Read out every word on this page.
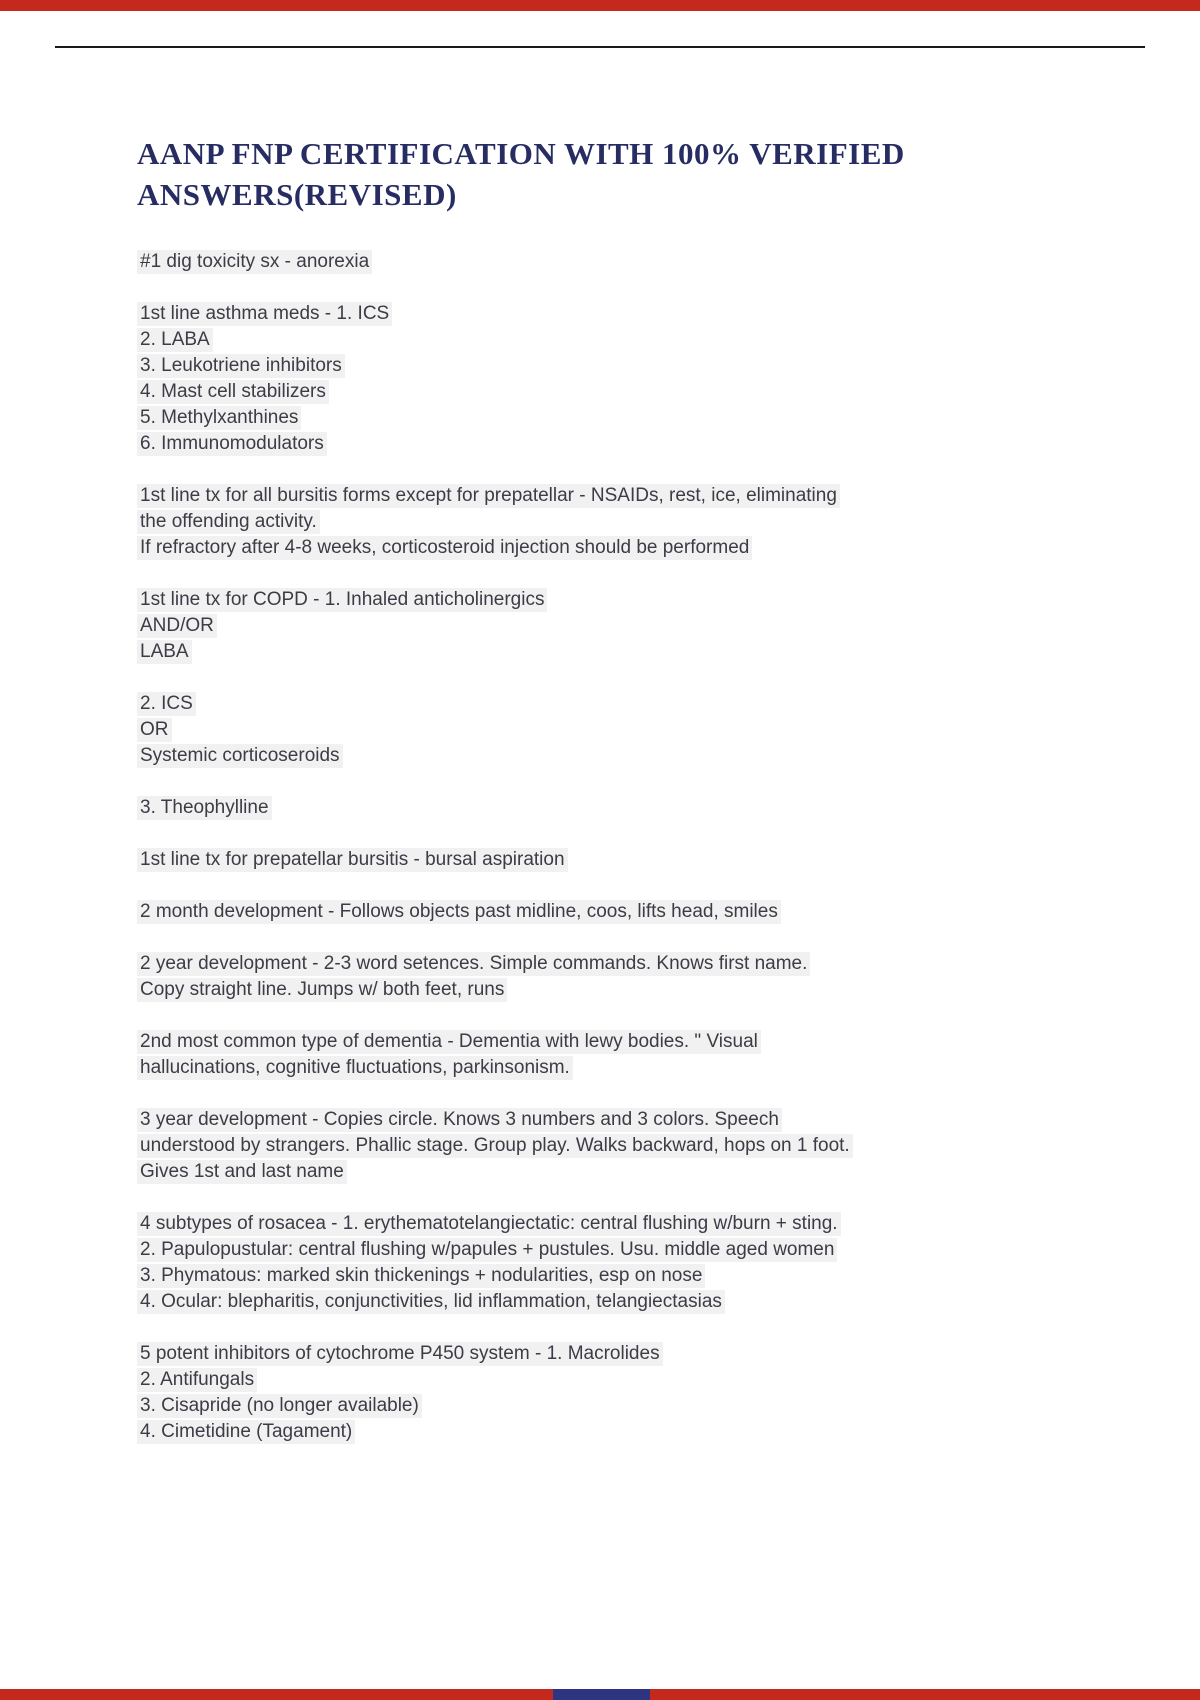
AANP FNP CERTIFICATION WITH 100% VERIFIED ANSWERS(REVISED)
#1 dig toxicity sx - anorexia
1st line asthma meds - 1. ICS
2. LABA
3. Leukotriene inhibitors
4. Mast cell stabilizers
5. Methylxanthines
6. Immunomodulators
1st line tx for all bursitis forms except for prepatellar - NSAIDs, rest, ice, eliminating
the offending activity.
If refractory after 4-8 weeks, corticosteroid injection should be performed
1st line tx for COPD - 1. Inhaled anticholinergics
AND/OR
LABA
2. ICS
OR
Systemic corticoseroids
3. Theophylline
1st line tx for prepatellar bursitis - bursal aspiration
2 month development - Follows objects past midline, coos, lifts head, smiles
2 year development - 2-3 word setences. Simple commands. Knows first name.
Copy straight line. Jumps w/ both feet, runs
2nd most common type of dementia - Dementia with lewy bodies. " Visual
hallucinations, cognitive fluctuations, parkinsonism.
3 year development - Copies circle. Knows 3 numbers and 3 colors. Speech
understood by strangers. Phallic stage. Group play. Walks backward, hops on 1 foot.
Gives 1st and last name
4 subtypes of rosacea - 1. erythematotelangiectatic: central flushing w/burn + sting.
2. Papulopustular: central flushing w/papules + pustules. Usu. middle aged women
3. Phymatous: marked skin thickenings + nodularities, esp on nose
4. Ocular: blepharitis, conjunctivities, lid inflammation, telangiectasias
5 potent inhibitors of cytochrome P450 system - 1. Macrolides
2. Antifungals
3. Cisapride (no longer available)
4. Cimetidine (Tagament)
